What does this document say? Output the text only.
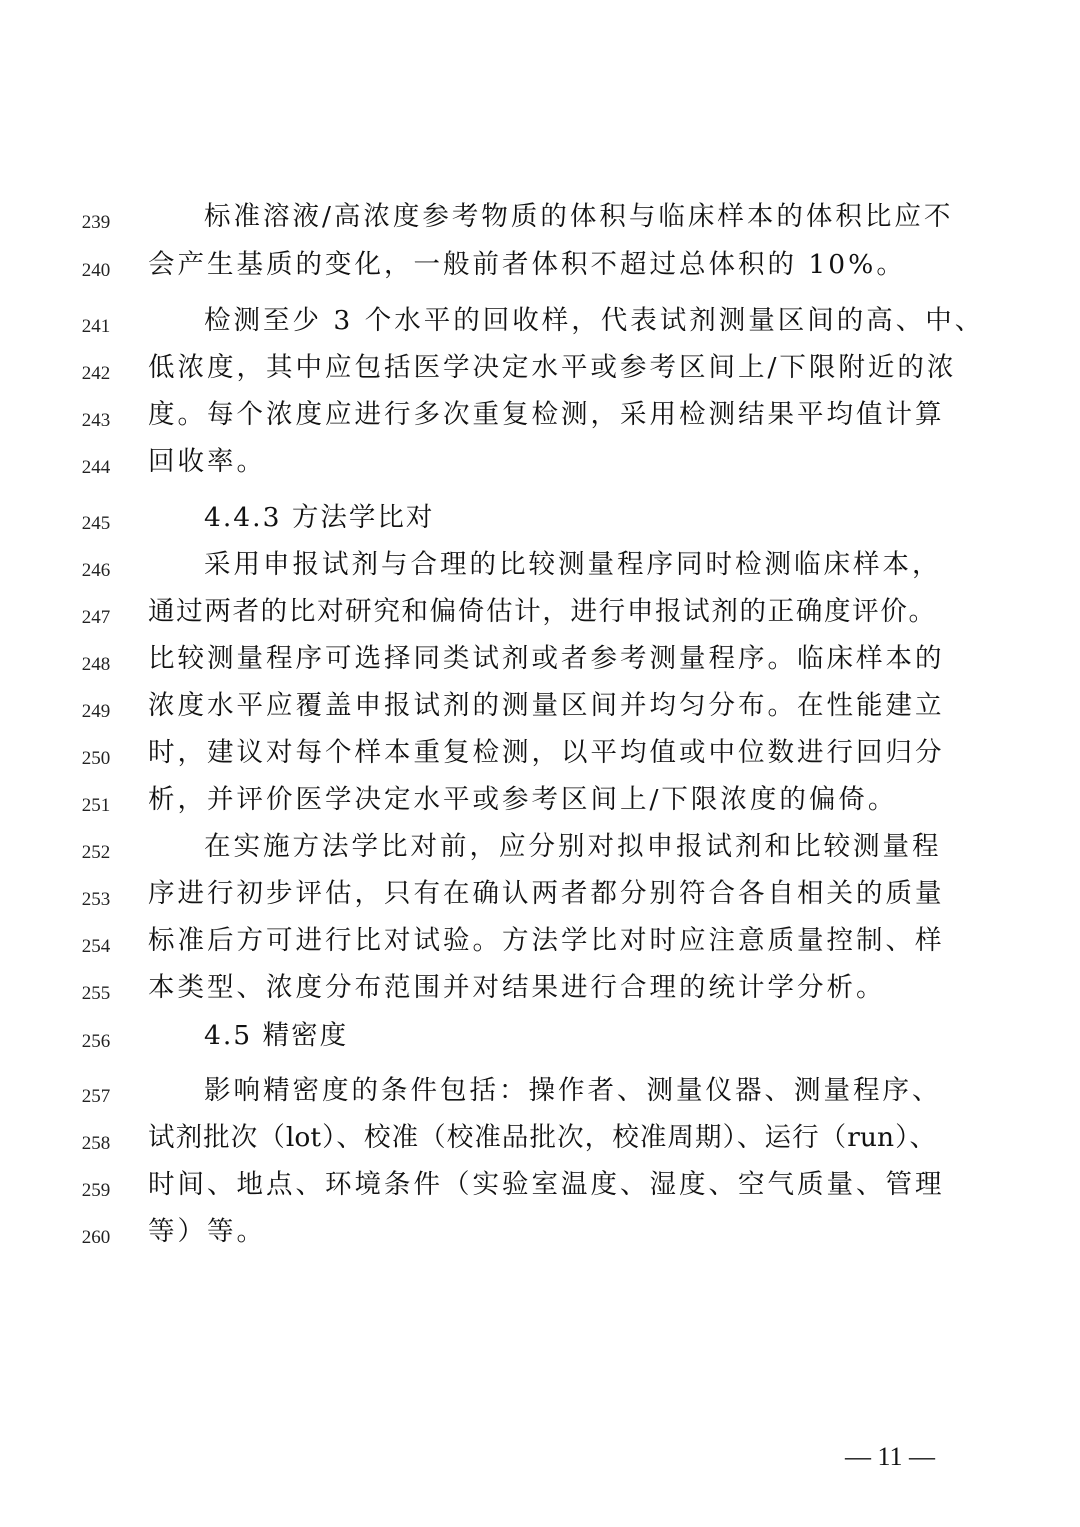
239	标准溶液/高浓度参考物质的体积与临床样本的体积比应不
240	会产生基质的变化，一般前者体积不超过总体积的 10%。
241	检测至少 3 个水平的回收样，代表试剂测量区间的高、中、
242	低浓度，其中应包括医学决定水平或参考区间上/下限附近的浓
243	度。每个浓度应进行多次重复检测，采用检测结果平均值计算
244	回收率。
245	4.4.3 方法学比对
246	采用申报试剂与合理的比较测量程序同时检测临床样本，
247	通过两者的比对研究和偏倚估计，进行申报试剂的正确度评价。
248	比较测量程序可选择同类试剂或者参考测量程序。临床样本的
249	浓度水平应覆盖申报试剂的测量区间并均匀分布。在性能建立
250	时，建议对每个样本重复检测，以平均值或中位数进行回归分
251	析，并评价医学决定水平或参考区间上/下限浓度的偏倚。
252	在实施方法学比对前，应分别对拟申报试剂和比较测量程
253	序进行初步评估，只有在确认两者都分别符合各自相关的质量
254	标准后方可进行比对试验。方法学比对时应注意质量控制、样
255	本类型、浓度分布范围并对结果进行合理的统计学分析。
256	4.5 精密度
257	影响精密度的条件包括：操作者、测量仪器、测量程序、
258	试剂批次（lot）、校准（校准品批次，校准周期）、运行（run）、
259	时间、地点、环境条件（实验室温度、湿度、空气质量、管理
260	等）等。
— 11 —
